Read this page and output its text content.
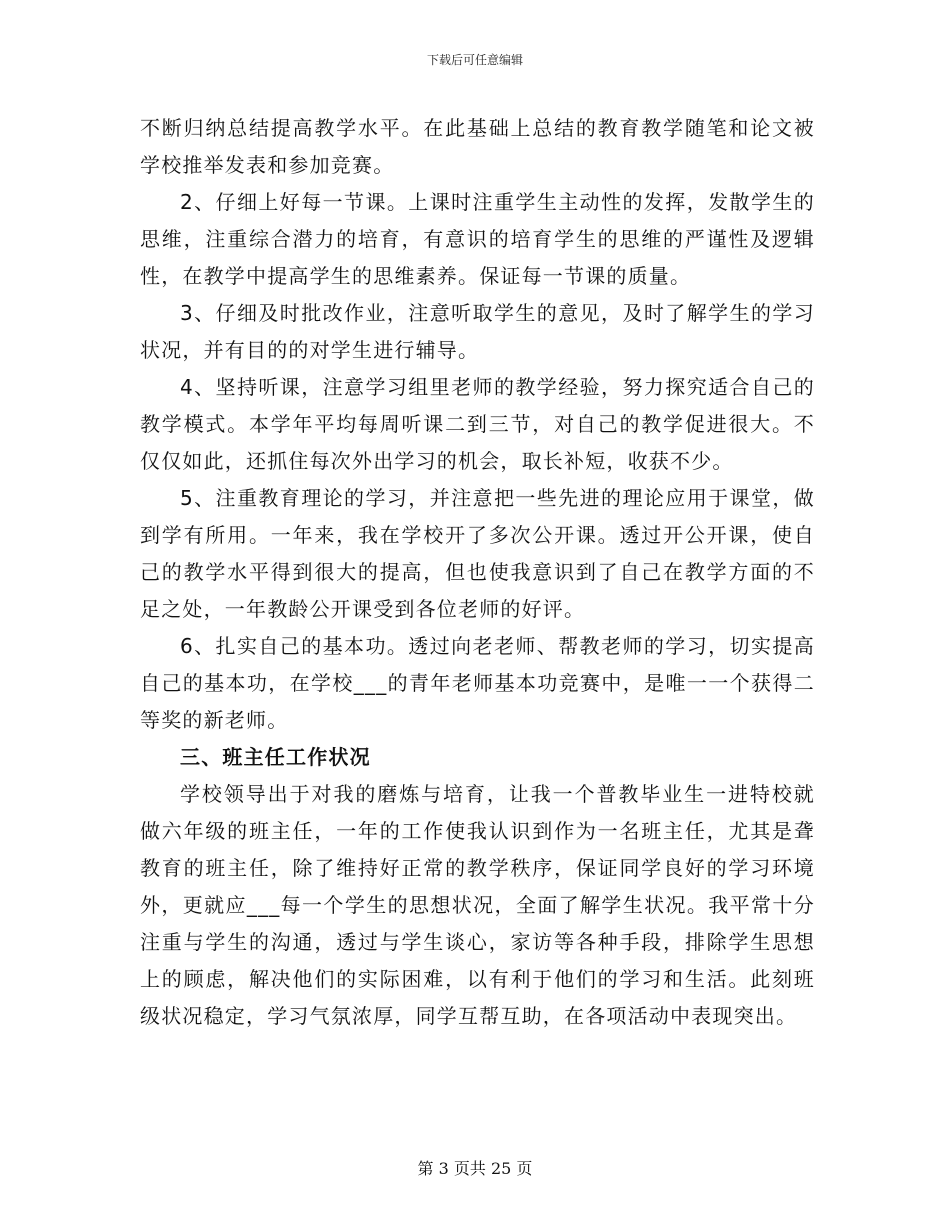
下载后可任意编辑

不断归纳总结提高教学水平。在此基础上总结的教育教学随笔和论文被学校推举发表和参加竞赛。

2、仔细上好每一节课。上课时注重学生主动性的发挥，发散学生的思维，注重综合潜力的培育，有意识的培育学生的思维的严谨性及逻辑性，在教学中提高学生的思维素养。保证每一节课的质量。

3、仔细及时批改作业，注意听取学生的意见，及时了解学生的学习状况，并有目的的对学生进行辅导。

4、坚持听课，注意学习组里老师的教学经验，努力探究适合自己的教学模式。本学年平均每周听课二到三节，对自己的教学促进很大。不仅仅如此，还抓住每次外出学习的机会，取长补短，收获不少。

5、注重教育理论的学习，并注意把一些先进的理论应用于课堂，做到学有所用。一年来，我在学校开了多次公开课。透过开公开课，使自己的教学水平得到很大的提高，但也使我意识到了自己在教学方面的不足之处，一年教龄公开课受到各位老师的好评。

6、扎实自己的基本功。透过向老老师、帮教老师的学习，切实提高自己的基本功，在学校___的青年老师基本功竞赛中，是唯一一个获得二等奖的新老师。

三、班主任工作状况

学校领导出于对我的磨炼与培育，让我一个普教毕业生一进特校就做六年级的班主任，一年的工作使我认识到作为一名班主任，尤其是聋教育的班主任，除了维持好正常的教学秩序，保证同学良好的学习环境外，更就应___每一个学生的思想状况，全面了解学生状况。我平常十分注重与学生的沟通，透过与学生谈心，家访等各种手段，排除学生思想上的顾虑，解决他们的实际困难，以有利于他们的学习和生活。此刻班级状况稳定，学习气氛浓厚，同学互帮互助，在各项活动中表现突出。

第 3 页共 25 页
